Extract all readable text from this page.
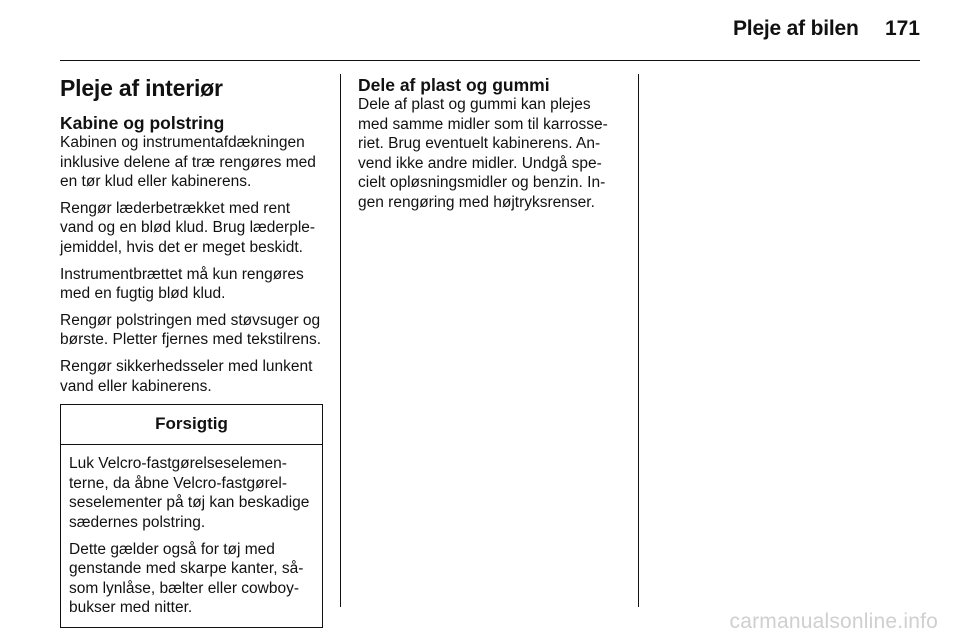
Pleje af bilen 171
Pleje af interiør
Kabine og polstring

Kabinen og instrumentafdækningen inklusive delene af træ rengøres med en tør klud eller kabinerens.

Rengør læderbetrækket med rent vand og en blød klud. Brug læderplejemiddel, hvis det er meget beskidt.

Instrumentbrættet må kun rengøres med en fugtig blød klud.

Rengør polstringen med støvsuger og børste. Pletter fjernes med tekstilrens.

Rengør sikkerhedsseler med lunkent vand eller kabinerens.

Forsigtig

Luk Velcro-fastgørelseselementerne, da åbne Velcro-fastgørelseselementer på tøj kan beskadige sædernes polstring.

Dette gælder også for tøj med genstande med skarpe kanter, såsom lynlåse, bælter eller cowboybukser med nitter.

Dele af plast og gummi

Dele af plast og gummi kan plejes med samme midler som til karrosseriet. Brug eventuelt kabinerens. Anvend ikke andre midler. Undgå specielt opløsningsmidler og benzin. Ingen rengøring med højtryksrenser.

carmanualsonline.info
